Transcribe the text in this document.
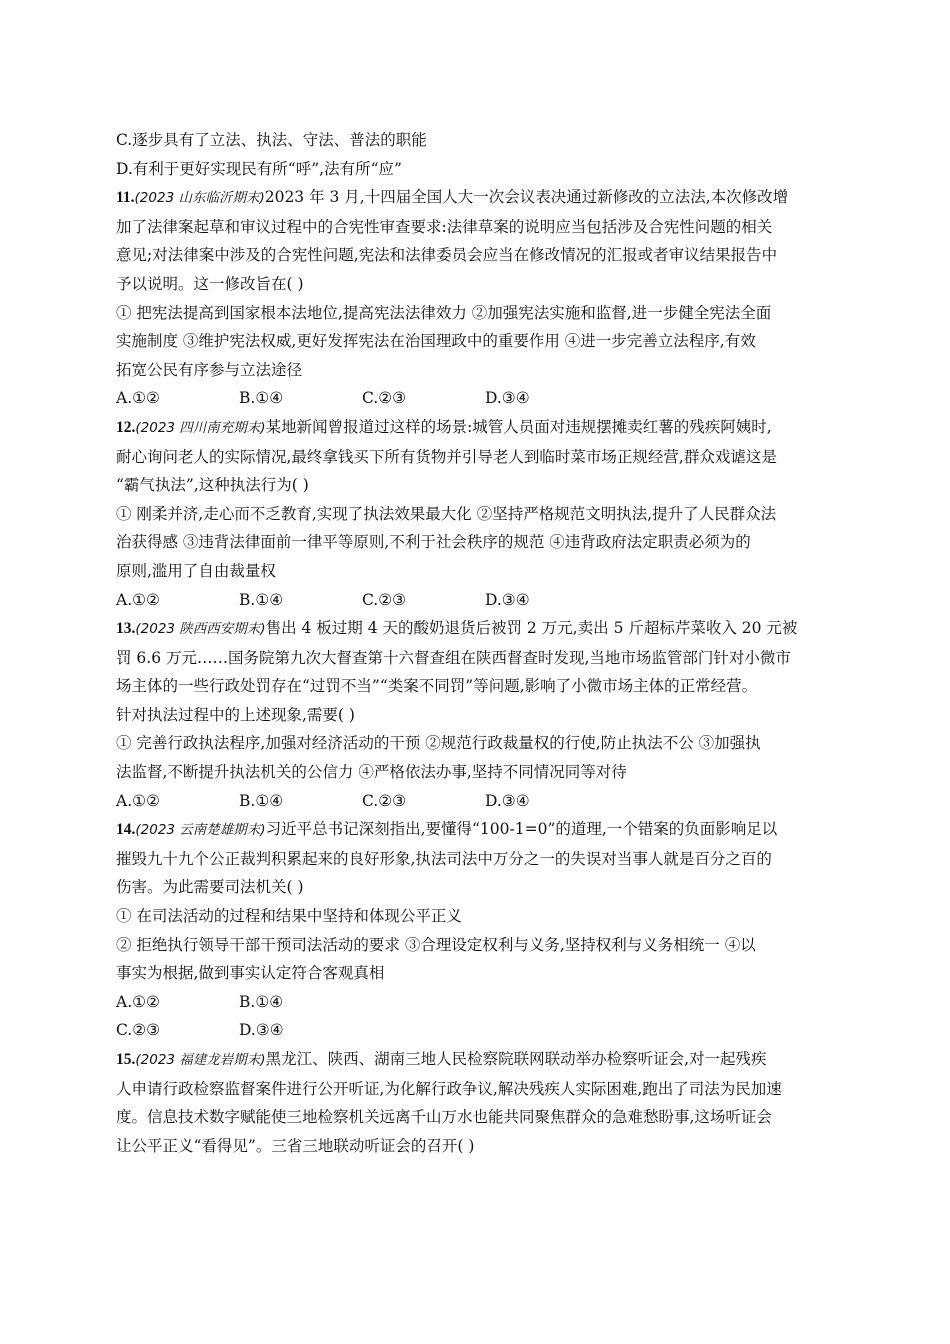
C.逐步具有了立法、执法、守法、普法的职能
D.有利于更好实现民有所“呼”,法有所“应”
11.(2023 山东临沂期末)2023 年 3 月,十四届全国人大一次会议表决通过新修改的立法法,本次修改增
加了法律案起草和审议过程中的合宪性审查要求:法律草案的说明应当包括涉及合宪性问题的相关
意见;对法律案中涉及的合宪性问题,宪法和法律委员会应当在修改情况的汇报或者审议结果报告中
予以说明。这一修改旨在( )
① 把宪法提高到国家根本法地位,提高宪法法律效力 ②加强宪法实施和监督,进一步健全宪法全面
实施制度 ③维护宪法权威,更好发挥宪法在治国理政中的重要作用 ④进一步完善立法程序,有效
拓宽公民有序参与立法途径
A.①②	B.①④	C.②③	D.③④
12.(2023 四川南充期末)某地新闻曾报道过这样的场景:城管人员面对违规摆摊卖红薯的残疾阿姨时,
耐心询问老人的实际情况,最终拿钱买下所有货物并引导老人到临时菜市场正规经营,群众戏谑这是
“霸气执法”,这种执法行为( )
① 刚柔并济,走心而不乏教育,实现了执法效果最大化 ②坚持严格规范文明执法,提升了人民群众法
治获得感 ③违背法律面前一律平等原则,不利于社会秩序的规范 ④违背政府法定职责必须为的
原则,滥用了自由裁量权
A.①②	B.①④	C.②③	D.③④
13.(2023 陕西西安期末)售出 4 板过期 4 天的酸奶退货后被罚 2 万元,卖出 5 斤超标芹菜收入 20 元被
罚 6.6 万元……国务院第九次大督查第十六督查组在陕西督查时发现,当地市场监管部门针对小微市
场主体的一些行政处罚存在“过罚不当”“类案不同罚”等问题,影响了小微市场主体的正常经营。
针对执法过程中的上述现象,需要( )
① 完善行政执法程序,加强对经济活动的干预 ②规范行政裁量权的行使,防止执法不公 ③加强执
法监督,不断提升执法机关的公信力 ④严格依法办事,坚持不同情况同等对待
A.①②	B.①④	C.②③	D.③④
14.(2023 云南楚雄期末)习近平总书记深刻指出,要懂得“100-1=0”的道理,一个错案的负面影响足以
摧毁九十九个公正裁判积累起来的良好形象,执法司法中万分之一的失误对当事人就是百分之百的
伤害。为此需要司法机关( )
① 在司法活动的过程和结果中坚持和体现公平正义
② 拒绝执行领导干部干预司法活动的要求 ③合理设定权利与义务,坚持权利与义务相统一 ④以
事实为根据,做到事实认定符合客观真相
A.①②	B.①④
C.②③	D.③④
15.(2023 福建龙岩期末)黑龙江、陕西、湖南三地人民检察院联网联动举办检察听证会,对一起残疾
人申请行政检察监督案件进行公开听证,为化解行政争议,解决残疾人实际困难,跑出了司法为民加速
度。信息技术数字赋能使三地检察机关远离千山万水也能共同聚焦群众的急难愁盼事,这场听证会
让公平正义“看得见”。三省三地联动听证会的召开( )
